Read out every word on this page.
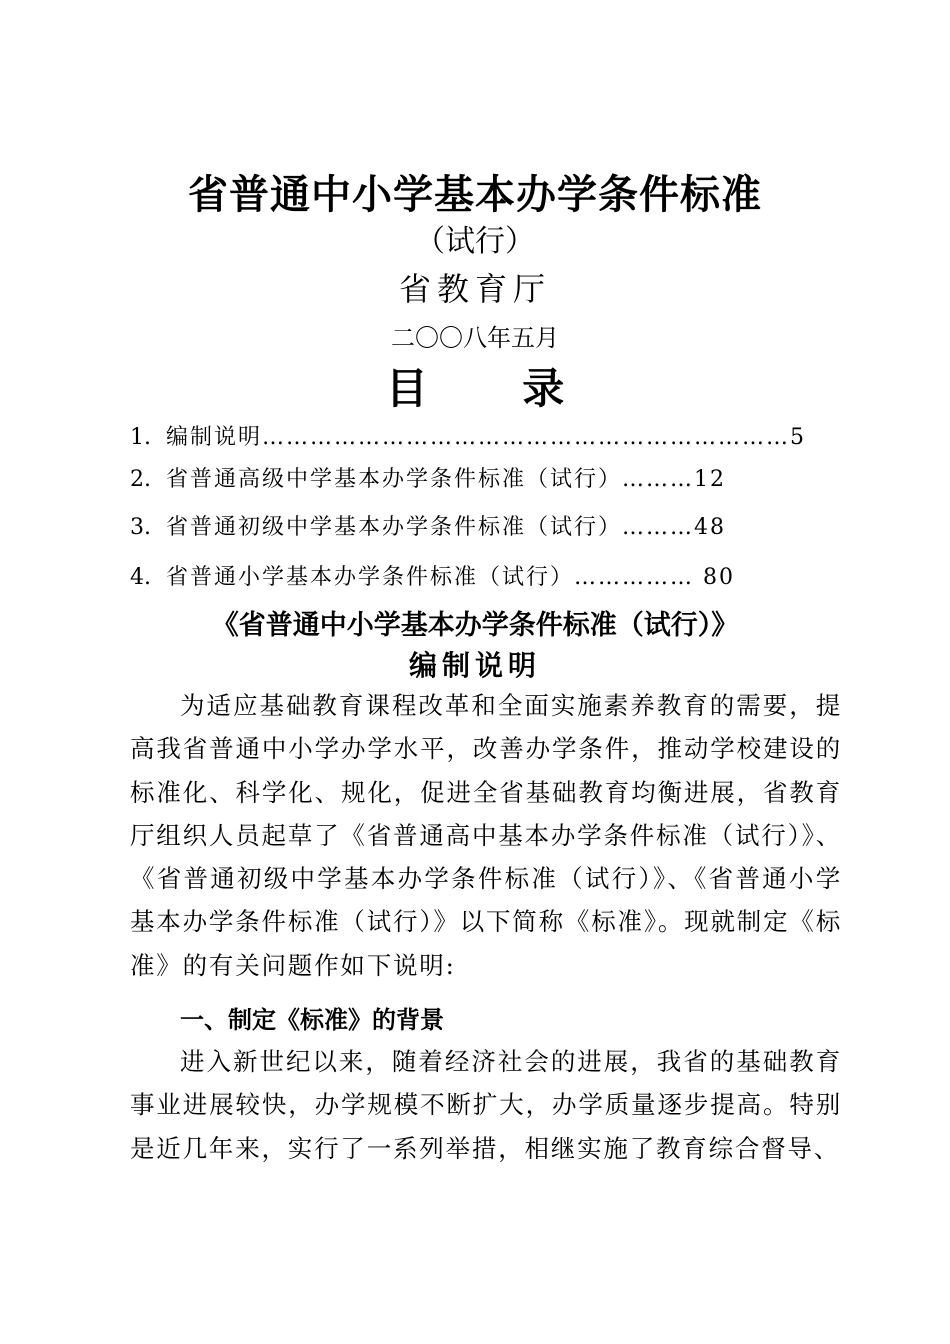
省普通中小学基本办学条件标准
（试行）
省教育厅
二〇〇八年五月
目 录
1. 编制说明…………………………………………………………5
2. 省普通高级中学基本办学条件标准（试行）………12
3. 省普通初级中学基本办学条件标准（试行）………48
4. 省普通小学基本办学条件标准（试行）…………… 80
《省普通中小学基本办学条件标准（试行）》
编制说明

为适应基础教育课程改革和全面实施素养教育的需要，提高我省普通中小学办学水平，改善办学条件，推动学校建设的标准化、科学化、规化，促进全省基础教育均衡进展，省教育厅组织人员起草了《省普通高中基本办学条件标准（试行）》、《省普通初级中学基本办学条件标准（试行）》、《省普通小学基本办学条件标准（试行）》以下简称《标准》。现就制定《标准》的有关问题作如下说明:

一、制定《标准》的背景

进入新世纪以来，随着经济社会的进展，我省的基础教育事业进展较快，办学规模不断扩大，办学质量逐步提高。特别是近几年来，实行了一系列举措，相继实施了教育综合督导、
